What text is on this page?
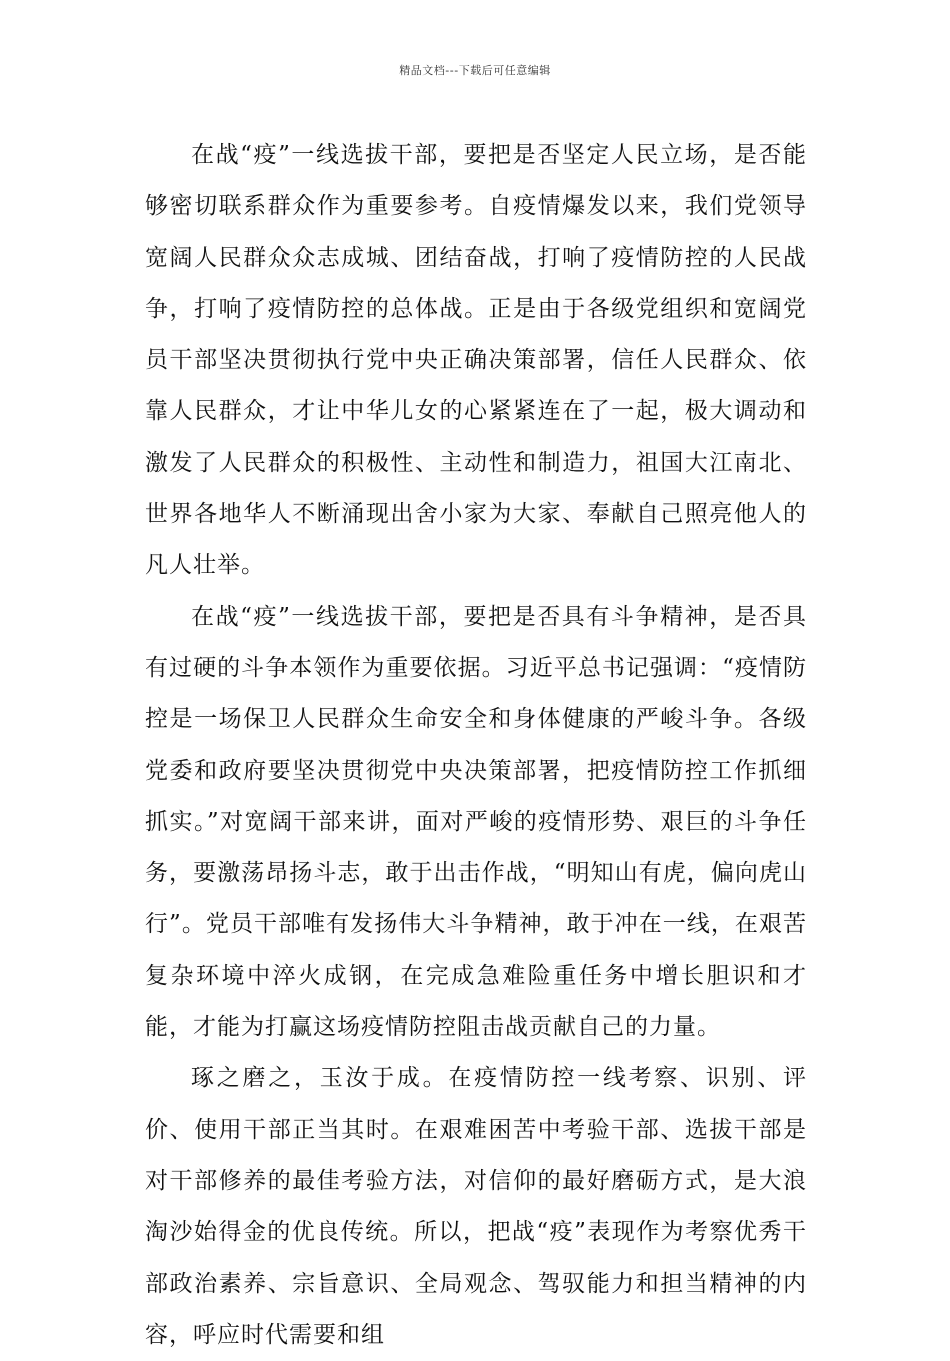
精品文档---下载后可任意编辑

在战“疫”一线选拔干部，要把是否坚定人民立场，是否能够密切联系群众作为重要参考。自疫情爆发以来，我们党领导宽阔人民群众众志成城、团结奋战，打响了疫情防控的人民战争，打响了疫情防控的总体战。正是由于各级党组织和宽阔党员干部坚决贯彻执行党中央正确决策部署，信任人民群众、依靠人民群众，才让中华儿女的心紧紧连在了一起，极大调动和激发了人民群众的积极性、主动性和制造力，祖国大江南北、世界各地华人不断涌现出舍小家为大家、奉献自己照亮他人的凡人壮举。

在战“疫”一线选拔干部，要把是否具有斗争精神，是否具有过硬的斗争本领作为重要依据。习近平总书记强调：“疫情防控是一场保卫人民群众生命安全和身体健康的严峻斗争。各级党委和政府要坚决贯彻党中央决策部署，把疫情防控工作抓细抓实。”对宽阔干部来讲，面对严峻的疫情形势、艰巨的斗争任务，要激荡昂扬斗志，敢于出击作战，“明知山有虎，偏向虎山行”。党员干部唯有发扬伟大斗争精神，敢于冲在一线，在艰苦复杂环境中淬火成钢，在完成急难险重任务中增长胆识和才能，才能为打赢这场疫情防控阻击战贡献自己的力量。

琢之磨之，玉汝于成。在疫情防控一线考察、识别、评价、使用干部正当其时。在艰难困苦中考验干部、选拔干部是对干部修养的最佳考验方法，对信仰的最好磨砺方式，是大浪淘沙始得金的优良传统。所以，把战“疫”表现作为考察优秀干部政治素养、宗旨意识、全局观念、驾驭能力和担当精神的内容，呼应时代需要和组
